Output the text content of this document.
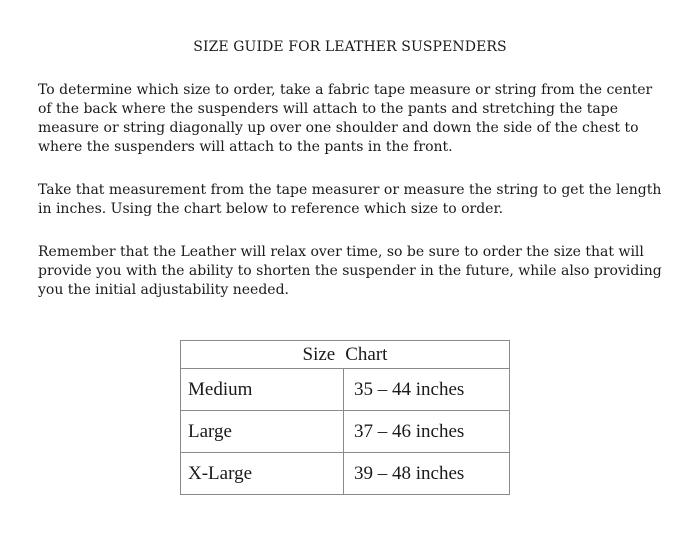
SIZE GUIDE FOR LEATHER SUSPENDERS

To determine which size to order, take a fabric tape measure or string from the center of the back where the suspenders will attach to the pants and stretching the tape measure or string diagonally up over one shoulder and down the side of the chest to where the suspenders will attach to the pants in the front.

Take that measurement from the tape measurer or measure the string to get the length in inches. Using the chart below to reference which size to order.

Remember that the Leather will relax over time, so be sure to order the size that will provide you with the ability to shorten the suspender in the future, while also providing you the initial adjustability needed.

Size Chart	
Medium	35 – 44 inches
Large	37 – 46 inches
X-Large	39 – 48 inches
